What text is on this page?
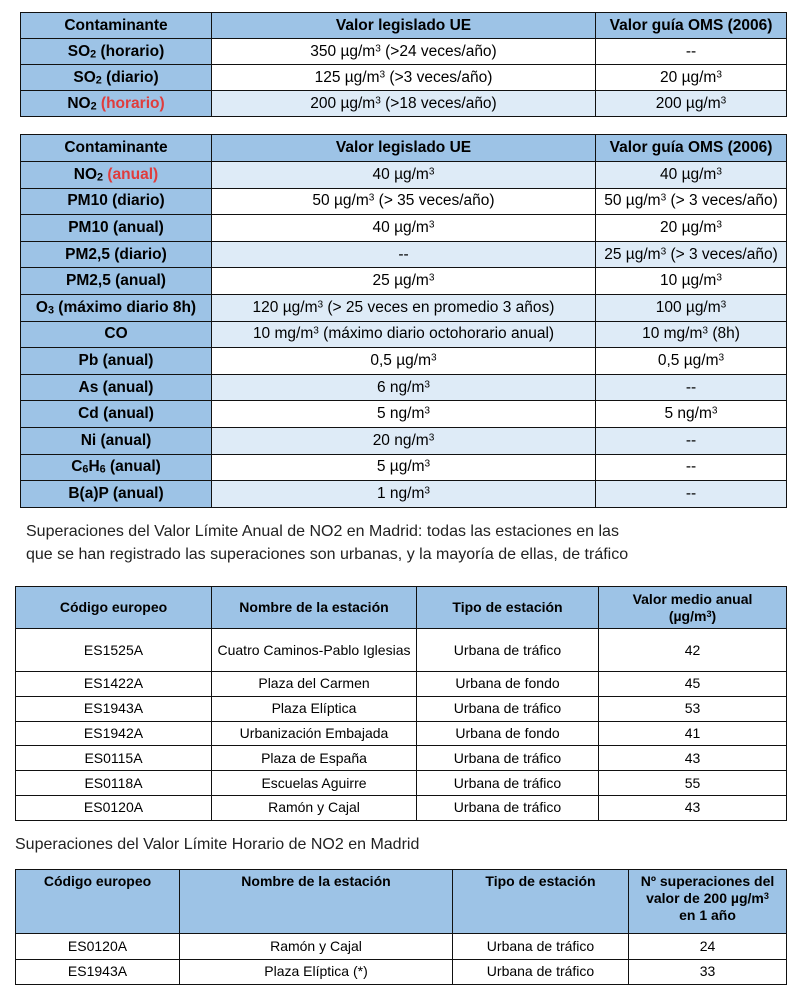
Contaminante	Valor legislado UE	Valor guía OMS (2006)
$SO_2$ (horario)	350 $\mu g/m^3$ (>24 veces/año)	--
$SO_2$ (diario)	125 $\mu g/m^3$ (>3 veces/año)	20 $\mu g/m^3$
$NO_2$ (horario)	200 $\mu g/m^3$ (>18 veces/año)	200 $\mu g/m^3$
Contaminante	Valor legislado UE	Valor guía OMS (2006)
$NO_2$ (anual)	40 $\mu g/m^3$	40 $\mu g/m^3$
PM10 (diario)	50 $\mu g/m^3$ (> 35 veces/año)	50 $\mu g/m^3$ (> 3 veces/año)
PM10 (anual)	40 $\mu g/m^3$	20 $\mu g/m^3$
PM2,5 (diario)	--	25 $\mu g/m^3$ (> 3 veces/año)
PM2,5 (anual)	25 $\mu g/m^3$	10 $\mu g/m^3$
$O_3$ (máximo diario 8h)	120 $\mu g/m^3$ (> 25 veces en promedio 3 años)	100 $\mu g/m^3$
CO	10 $mg/m^3$ (máximo diario octohorario anual)	10 $mg/m^3$ (8h)
Pb (anual)	0,5 $\mu g/m^3$	0,5 $\mu g/m^3$
As (anual)	6 $ng/m^3$	--
Cd (anual)	5 $ng/m^3$	5 $ng/m^3$
Ni (anual)	20 $ng/m^3$	--
$C_6H_6$ (anual)	5 $\mu g/m^3$	--
B(a)P (anual)	1 $ng/m^3$	--
Superaciones del Valor Límite Anual de NO2 en Madrid: todas las estaciones en las
que se han registrado las superaciones son urbanas, y la mayoría de ellas, de tráfico
Código europeo	Nombre de la estación	Tipo de estación	Valor medio anual
$(\mu g/m^3)$
ES1525A	Cuatro Caminos-Pablo Iglesias	Urbana de tráfico	42
ES1422A	Plaza del Carmen	Urbana de fondo	45
ES1943A	Plaza Elíptica	Urbana de tráfico	53
ES1942A	Urbanización Embajada	Urbana de fondo	41
ES0115A	Plaza de España	Urbana de tráfico	43
ES0118A	Escuelas Aguirre	Urbana de tráfico	55
ES0120A	Ramón y Cajal	Urbana de tráfico	43
Superaciones del Valor Límite Horario de NO2 en Madrid
Código europeo	Nombre de la estación	Tipo de estación	Nº superaciones del
valor de 200 $\mu g/m^3$
en 1 año
ES0120A	Ramón y Cajal	Urbana de tráfico	24
ES1943A	Plaza Elíptica (*)	Urbana de tráfico	33
